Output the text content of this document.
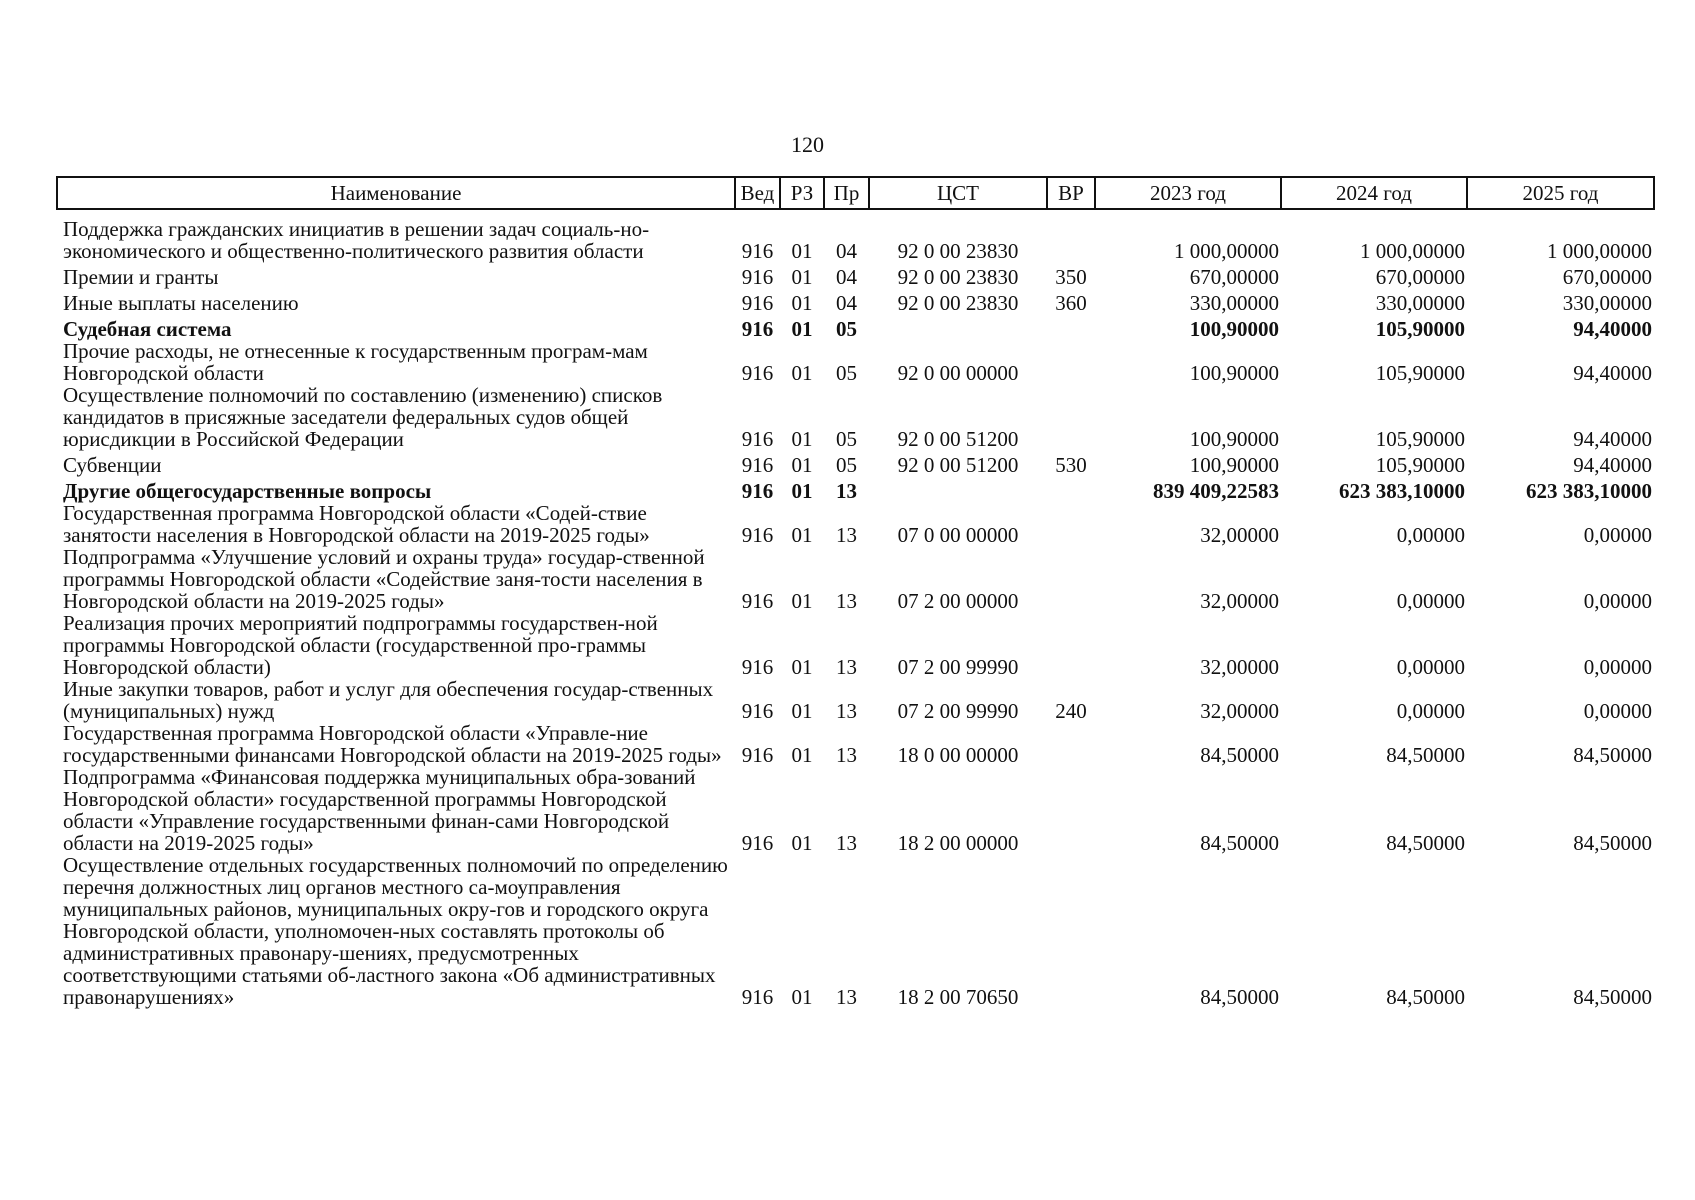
120
Наименование	Вед	РЗ	Пр	ЦСТ	ВР	2023 год	2024 год	2025 год
Поддержка гражданских инициатив в решении задач социаль-но-экономического и общественно-политического развития области	916	01	04	92 0 00 23830		1 000,00000	1 000,00000	1 000,00000
Премии и гранты	916	01	04	92 0 00 23830	350	670,00000	670,00000	670,00000
Иные выплаты населению	916	01	04	92 0 00 23830	360	330,00000	330,00000	330,00000
Судебная система	916	01	05			100,90000	105,90000	94,40000
Прочие расходы, не отнесенные к государственным програм-мам Новгородской области	916	01	05	92 0 00 00000		100,90000	105,90000	94,40000
Осуществление полномочий по составлению (изменению) списков кандидатов в присяжные заседатели федеральных судов общей юрисдикции в Российской Федерации	916	01	05	92 0 00 51200		100,90000	105,90000	94,40000
Субвенции	916	01	05	92 0 00 51200	530	100,90000	105,90000	94,40000
Другие общегосударственные вопросы	916	01	13			839 409,22583	623 383,10000	623 383,10000
Государственная программа Новгородской области «Содей-ствие занятости населения в Новгородской области на 2019-2025 годы»	916	01	13	07 0 00 00000		32,00000	0,00000	0,00000
Подпрограмма «Улучшение условий и охраны труда» государ-ственной программы Новгородской области «Содействие заня-тости населения в Новгородской области на 2019-2025 годы»	916	01	13	07 2 00 00000		32,00000	0,00000	0,00000
Реализация прочих мероприятий подпрограммы государствен-ной программы Новгородской области (государственной про-граммы Новгородской области)	916	01	13	07 2 00 99990		32,00000	0,00000	0,00000
Иные закупки товаров, работ и услуг для обеспечения государ-ственных (муниципальных) нужд	916	01	13	07 2 00 99990	240	32,00000	0,00000	0,00000
Государственная программа Новгородской области «Управле-ние государственными финансами Новгородской области на 2019-2025 годы»	916	01	13	18 0 00 00000		84,50000	84,50000	84,50000
Подпрограмма «Финансовая поддержка муниципальных обра-зований Новгородской области» государственной программы Новгородской области «Управление государственными финан-сами Новгородской области на 2019-2025 годы»	916	01	13	18 2 00 00000		84,50000	84,50000	84,50000
Осуществление отдельных государственных полномочий по определению перечня должностных лиц органов местного са-моуправления муниципальных районов, муниципальных окру-гов и городского округа Новгородской области, уполномочен-ных составлять протоколы об административных правонару-шениях, предусмотренных соответствующими статьями об-ластного закона «Об административных правонарушениях»	916	01	13	18 2 00 70650		84,50000	84,50000	84,50000
